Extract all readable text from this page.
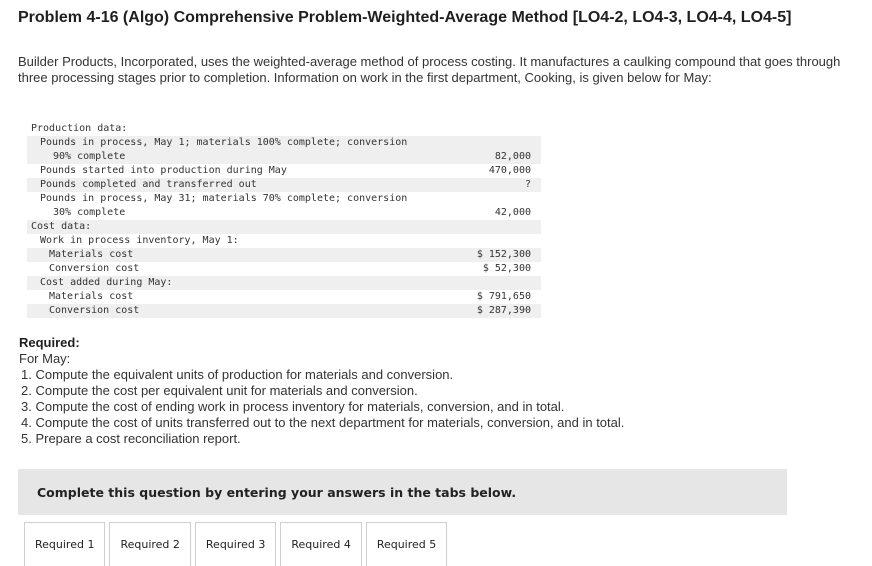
Problem 4-16 (Algo) Comprehensive Problem-Weighted-Average Method [LO4-2, LO4-3, LO4-4, LO4-5]
Builder Products, Incorporated, uses the weighted-average method of process costing. It manufactures a caulking compound that goes through three processing stages prior to completion. Information on work in the first department, Cooking, is given below for May:
Production data:
Pounds in process, May 1; materials 100% complete; conversion
90% complete	82,000
Pounds started into production during May	470,000
Pounds completed and transferred out	?
Pounds in process, May 31; materials 70% complete; conversion
30% complete	42,000
Cost data:
Work in process inventory, May 1:
Materials cost	$ 152,300
Conversion cost	$ 52,300
Cost added during May:
Materials cost	$ 791,650
Conversion cost	$ 287,390
Required:
For May:
1. Compute the equivalent units of production for materials and conversion.
2. Compute the cost per equivalent unit for materials and conversion.
3. Compute the cost of ending work in process inventory for materials, conversion, and in total.
4. Compute the cost of units transferred out to the next department for materials, conversion, and in total.
5. Prepare a cost reconciliation report.
Complete this question by entering your answers in the tabs below.
Required 1	Required 2	Required 3	Required 4	Required 5
